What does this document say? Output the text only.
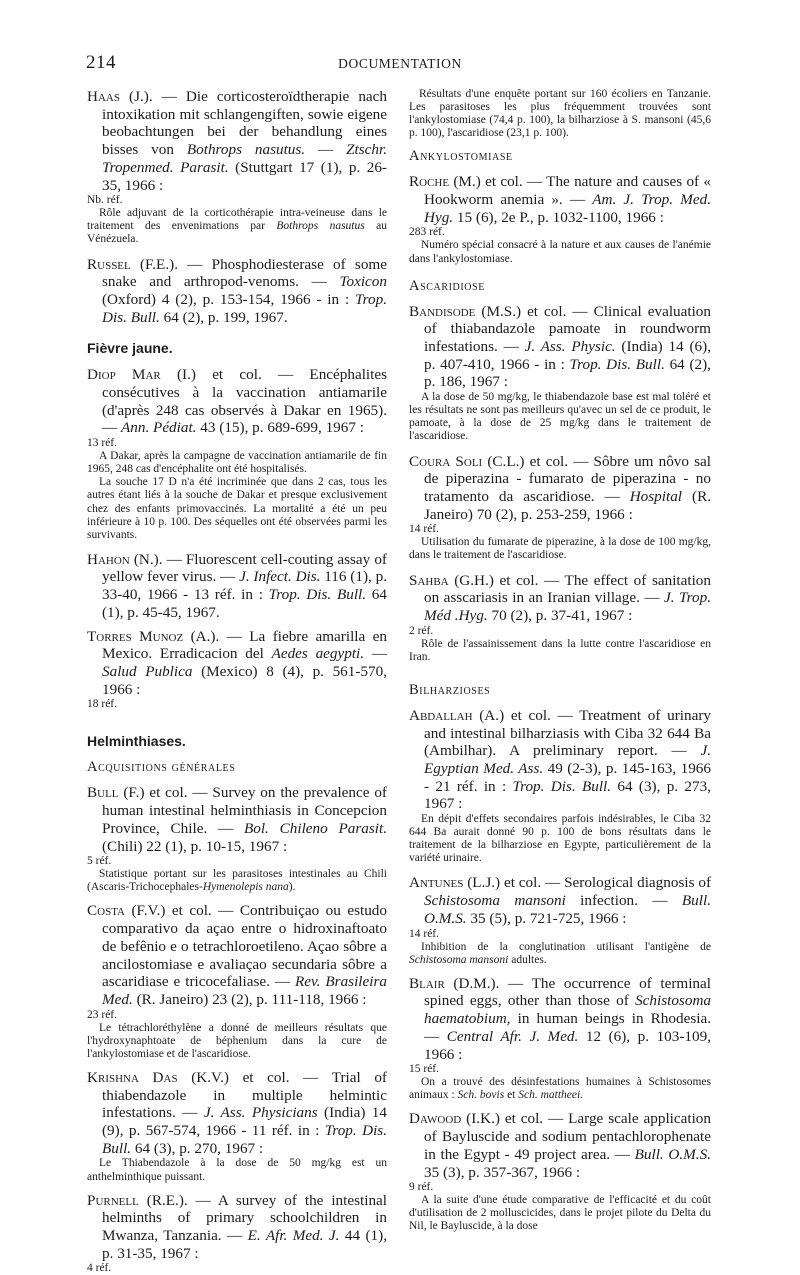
214	DOCUMENTATION
Haas (J.). — Die corticosteroïdtherapie nach intoxikation mit schlangengiften, sowie eigene beobachtungen bei der behandlung eines bisses von Bothrops nasutus. — Ztschr. Tropenmed. Parasit. (Stuttgart 17 (1), p. 26-35, 1966 :
Nb. réf.

Rôle adjuvant de la corticothérapie intra-veineuse dans le traitement des envenimations par Bothrops nasutus au Vénézuela.

Russel (F.E.). — Phosphodiesterase of some snake and arthropod-venoms. — Toxicon (Oxford) 4 (2), p. 153-154, 1966 - in : Trop. Dis. Bull. 64 (2), p. 199, 1967.
Fièvre jaune.
Diop Mar (I.) et col. — Encéphalites consécutives à la vaccination antiamarile (d'après 248 cas observés à Dakar en 1965). — Ann. Pédiat. 43 (15), p. 689-699, 1967 :
13 réf.

A Dakar, après la campagne de vaccination antiamarile de fin 1965, 248 cas d'encéphalite ont été hospitalisés.

La souche 17 D n'a été incriminée que dans 2 cas, tous les autres étant liés à la souche de Dakar et presque exclusivement chez des enfants primovaccinés. La mortalité a été un peu inférieure à 10 p. 100. Des séquelles ont été observées parmi les survivants.

Hahon (N.). — Fluorescent cell-couting assay of yellow fever virus. — J. Infect. Dis. 116 (1), p. 33-40, 1966 - 13 réf. in : Trop. Dis. Bull. 64 (1), p. 45-45, 1967.
Torres Munoz (A.). — La fiebre amarilla en Mexico. Erradicacion del Aedes aegypti. — Salud Publica (Mexico) 8 (4), p. 561-570, 1966 :
18 réf.
Helminthiases.
Acquisitions générales
Bull (F.) et col. — Survey on the prevalence of human intestinal helminthiasis in Concepcion Province, Chile. — Bol. Chileno Parasit. (Chili) 22 (1), p. 10-15, 1967 :
5 réf.

Statistique portant sur les parasitoses intestinales au Chili (Ascaris-Trichocephales-Hymenolepis nana).

Costa (F.V.) et col. — Contribuiçao ou estudo comparativo da açao entre o hidroxinaftoato de befênio e o tetrachloroetileno. Açao sôbre a ancilostomiase e avaliaçao secundaria sôbre a ascaridiase e tricocefaliase. — Rev. Brasileira Med. (R. Janeiro) 23 (2), p. 111-118, 1966 :
23 réf.

Le tétrachloréthylène a donné de meilleurs résultats que l'hydroxynaphtoate de béphenium dans la cure de l'ankylostomiase et de l'ascaridiose.

Krishna Das (K.V.) et col. — Trial of thiabendazole in multiple helmintic infestations. — J. Ass. Physicians (India) 14 (9), p. 567-574, 1966 - 11 réf. in : Trop. Dis. Bull. 64 (3), p. 270, 1967 :

Le Thiabendazole à la dose de 50 mg/kg est un anthelminthique puissant.

Purnell (R.E.). — A survey of the intestinal helminths of primary schoolchildren in Mwanza, Tanzania. — E. Afr. Med. J. 44 (1), p. 31-35, 1967 :
4 réf.

Résultats d'une enquête portant sur 160 écoliers en Tanzanie. Les parasitoses les plus fréquemment trouvées sont l'ankylostomiase (74,4 p. 100), la bilharziose à S. mansoni (45,6 p. 100), l'ascaridiose (23,1 p. 100).

Ankylostomiase
Roche (M.) et col. — The nature and causes of « Hookworm anemia ». — Am. J. Trop. Med. Hyg. 15 (6), 2e P., p. 1032-1100, 1966 :
283 réf.

Numéro spécial consacré à la nature et aux causes de l'anémie dans l'ankylostomiase.

Ascaridiose
Bandisode (M.S.) et col. — Clinical evaluation of thiabandazole pamoate in roundworm infestations. — J. Ass. Physic. (India) 14 (6), p. 407-410, 1966 - in : Trop. Dis. Bull. 64 (2), p. 186, 1967 :

A la dose de 50 mg/kg, le thiabendazole base est mal toléré et les résultats ne sont pas meilleurs qu'avec un sel de ce produit, le pamoate, à la dose de 25 mg/kg dans le traitement de l'ascaridiose.

Coura Soli (C.L.) et col. — Sôbre um nôvo sal de piperazina - fumarato de piperazina - no tratamento da ascaridiose. — Hospital (R. Janeiro) 70 (2), p. 253-259, 1966 :
14 réf.

Utilisation du fumarate de piperazine, à la dose de 100 mg/kg, dans le traitement de l'ascaridiose.

Sahba (G.H.) et col. — The effect of sanitation on asscariasis in an Iranian village. — J. Trop. Méd .Hyg. 70 (2), p. 37-41, 1967 :
2 réf.

Rôle de l'assainissement dans la lutte contre l'ascaridiose en Iran.

Bilharzioses
Abdallah (A.) et col. — Treatment of urinary and intestinal bilharziasis with Ciba 32 644 Ba (Ambilhar). A preliminary report. — J. Egyptian Med. Ass. 49 (2-3), p. 145-163, 1966 - 21 réf. in : Trop. Dis. Bull. 64 (3), p. 273, 1967 :

En dépit d'effets secondaires parfois indésirables, le Ciba 32 644 Ba aurait donné 90 p. 100 de bons résultats dans le traitement de la bilharziose en Egypte, particulièrement de la variété urinaire.

Antunes (L.J.) et col. — Serological diagnosis of Schistosoma mansoni infection. — Bull. O.M.S. 35 (5), p. 721-725, 1966 :
14 réf.

Inhibition de la conglutination utilisant l'antigène de Schistosoma mansoni adultes.

Blair (D.M.). — The occurrence of terminal spined eggs, other than those of Schistosoma haematobium, in human beings in Rhodesia. — Central Afr. J. Med. 12 (6), p. 103-109, 1966 :
15 réf.

On a trouvé des désinfestations humaines à Schistosomes animaux : Sch. bovis et Sch. mattheei.

Dawood (I.K.) et col. — Large scale application of Bayluscide and sodium pentachlorophenate in the Egypt - 49 project area. — Bull. O.M.S. 35 (3), p. 357-367, 1966 :
9 réf.

A la suite d'une étude comparative de l'efficacité et du coût d'utilisation de 2 molluscicides, dans le projet pilote du Delta du Nil, le Bayluscide, à la dose
